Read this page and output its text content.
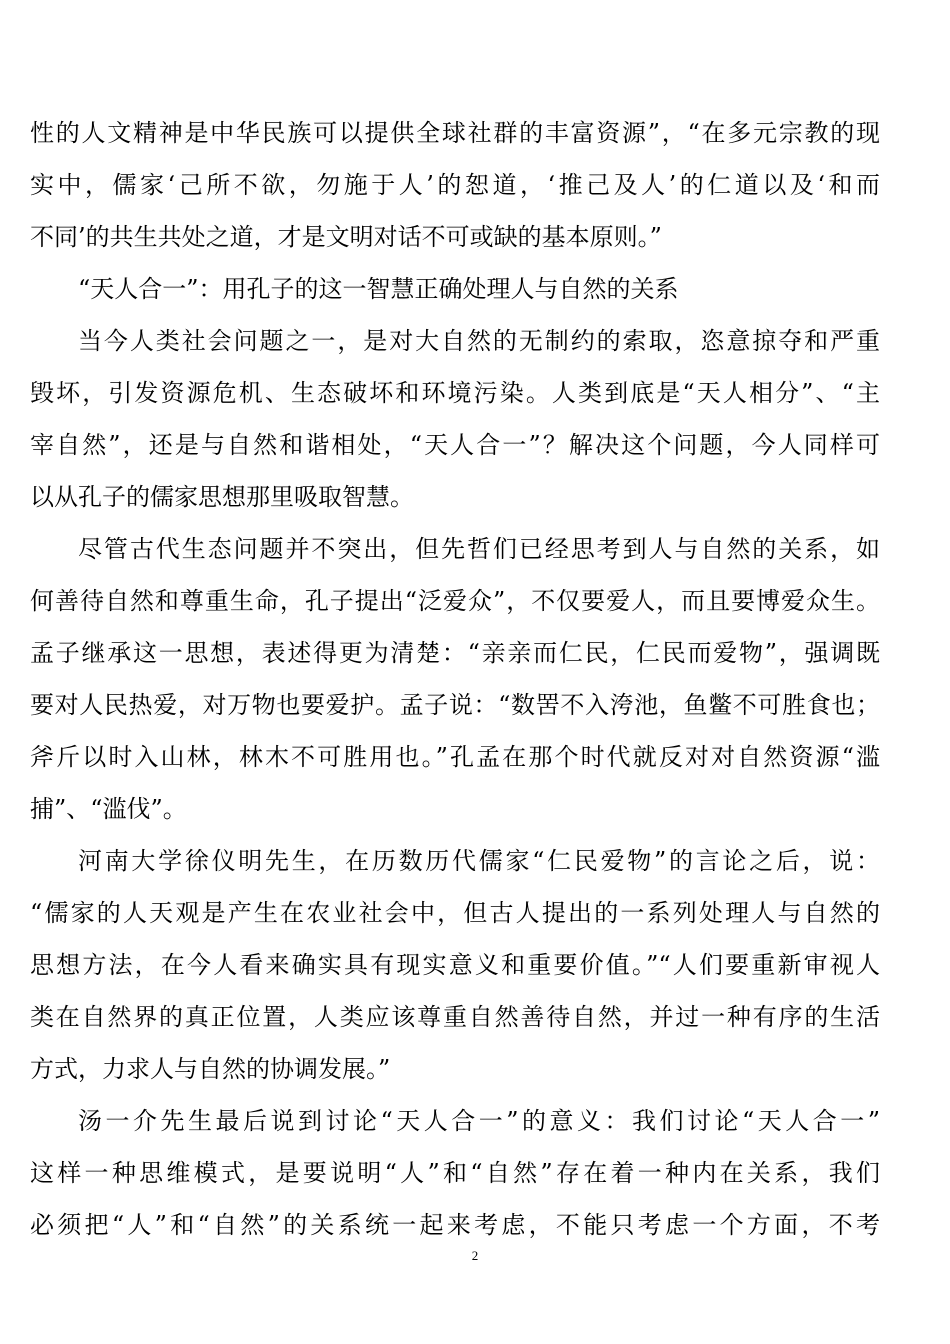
性的人文精神是中华民族可以提供全球社群的丰富资源”，“在多元宗教的现
实中，儒家‘己所不欲，勿施于人’的恕道，‘推己及人’的仁道以及‘和而
不同’的共生共处之道，才是文明对话不可或缺的基本原则。”
“天人合一”：用孔子的这一智慧正确处理人与自然的关系
当今人类社会问题之一，是对大自然的无制约的索取，恣意掠夺和严重
毁坏，引发资源危机、生态破坏和环境污染。人类到底是“天人相分”、“主
宰自然”，还是与自然和谐相处，“天人合一”？解决这个问题，今人同样可
以从孔子的儒家思想那里吸取智慧。
尽管古代生态问题并不突出，但先哲们已经思考到人与自然的关系，如
何善待自然和尊重生命，孔子提出“泛爱众”，不仅要爱人，而且要博爱众生。
孟子继承这一思想，表述得更为清楚：“亲亲而仁民，仁民而爱物”，强调既
要对人民热爱，对万物也要爱护。孟子说：“数罟不入洿池，鱼鳖不可胜食也；
斧斤以时入山林，林木不可胜用也。”孔孟在那个时代就反对对自然资源“滥
捕”、“滥伐”。
河南大学徐仪明先生，在历数历代儒家“仁民爱物”的言论之后，说：
“儒家的人天观是产生在农业社会中，但古人提出的一系列处理人与自然的
思想方法，在今人看来确实具有现实意义和重要价值。”“人们要重新审视人
类在自然界的真正位置，人类应该尊重自然善待自然，并过一种有序的生活
方式，力求人与自然的协调发展。”
汤一介先生最后说到讨论“天人合一”的意义：我们讨论“天人合一”
这样一种思维模式，是要说明“人”和“自然”存在着一种内在关系，我们
必须把“人”和“自然”的关系统一起来考虑，不能只考虑一个方面，不考
2
